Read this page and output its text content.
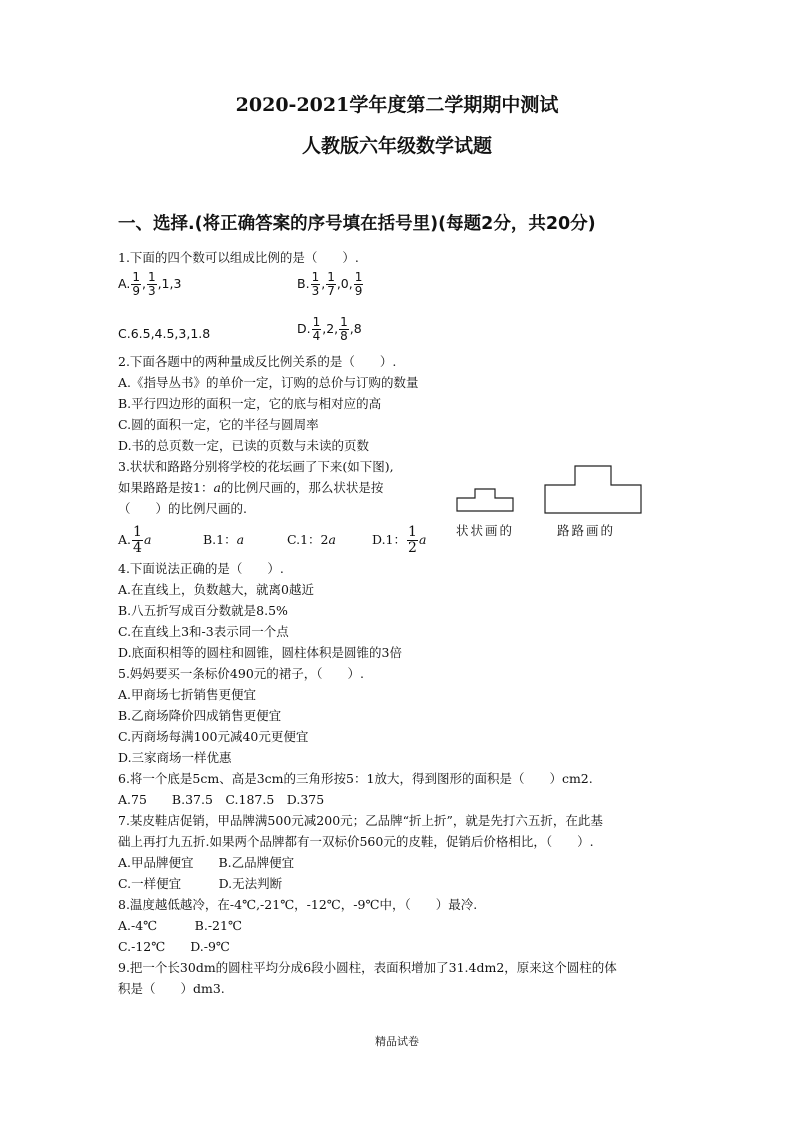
2020-2021学年度第二学期期中测试
人教版六年级数学试题
一、选择.(将正确答案的序号填在括号里)(每题2分，共20分)
1.下面的四个数可以组成比例的是（　　）.
A. $\frac{1}{9}$ , $\frac{1}{3} ,1,3$	B. $\frac{1}{3}$ , $\frac{1}{7} ,0$, $\frac{1}{9}$
C.6.5,4.5,3,1.8	D. $\frac{1}{4} ,2$, $\frac{1}{8} ,8$
2.下面各题中的两种量成反比例关系的是（　　）.
A.《指导丛书》的单价一定，订购的总价与订购的数量
B.平行四边形的面积一定，它的底与相对应的高
C.圆的面积一定，它的半径与圆周率
D.书的总页数一定，已读的页数与未读的页数
3.状状和路路分别将学校的花坛画了下来(如下图),
如果路路是按1：a的比例尺画的，那么状状是按
（　　）的比例尺画的.
A. $\frac{1}{4}$ a	B.1：a	C.1：2a	D.1： $\frac{1}{2}$ a
状状画的	路路画的
4.下面说法正确的是（　　）.
A.在直线上，负数越大，就离0越近
B.八五折写成百分数就是8.5%
C.在直线上3和-3表示同一个点
D.底面积相等的圆柱和圆锥，圆柱体积是圆锥的3倍
5.妈妈要买一条标价490元的裙子，（　　）.
A.甲商场七折销售更便宜
B.乙商场降价四成销售更便宜
C.丙商场每满100元减40元更便宜
D.三家商场一样优惠
6.将一个底是5cm、高是3cm的三角形按5：1放大，得到图形的面积是（　　）cm2.
A.75　　B.37.5　C.187.5　D.375
7.某皮鞋店促销，甲品牌满500元减200元；乙品牌“折上折”，就是先打六五折，在此基
础上再打九五折.如果两个品牌都有一双标价560元的皮鞋，促销后价格相比，（　　）.
A.甲品牌便宜　　B.乙品牌便宜
C.一样便宜　　　D.无法判断
8.温度越低越冷，在-4℃,-21℃，-12℃，-9℃中，（　　）最冷.
A.-4℃　　　B.-21℃
C.-12℃　　D.-9℃
9.把一个长30dm的圆柱平均分成6段小圆柱，表面积增加了31.4dm2，原来这个圆柱的体
积是（　　）dm3.
精品试卷
